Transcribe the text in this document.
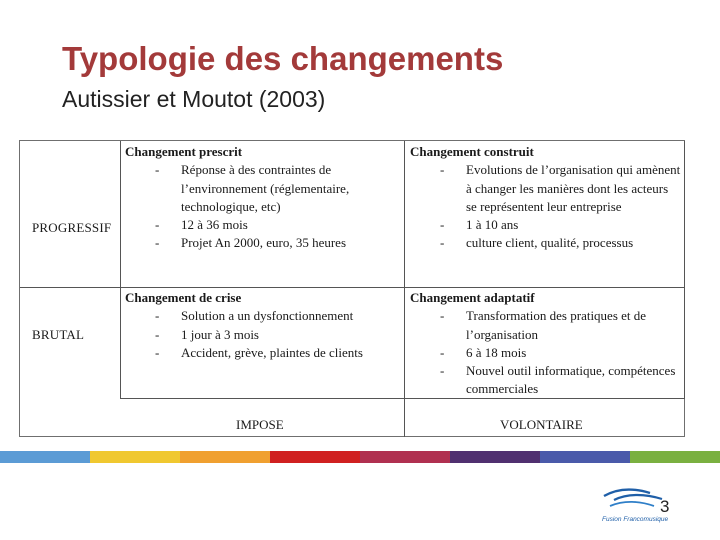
Typologie des changements
Autissier et Moutot (2003)
PROGRESSIF
BRUTAL
IMPOSE	VOLONTAIRE
Changement prescrit
- Réponse à des contraintes de l’environnement (réglementaire, technologique, etc)
- 12 à 36 mois
- Projet An 2000, euro, 35 heures
Changement construit
- Evolutions de l’organisation qui amènent à changer les manières dont les acteurs se représentent leur entreprise
- 1 à 10 ans
- culture client, qualité, processus
Changement de crise
- Solution a un dysfonctionnement
- 1 jour à 3 mois
- Accident, grève, plaintes de clients
Changement adaptatif
- Transformation des pratiques et de l’organisation
- 6 à 18 mois
- Nouvel outil informatique, compétences commerciales
Fusion Francomusique
3
